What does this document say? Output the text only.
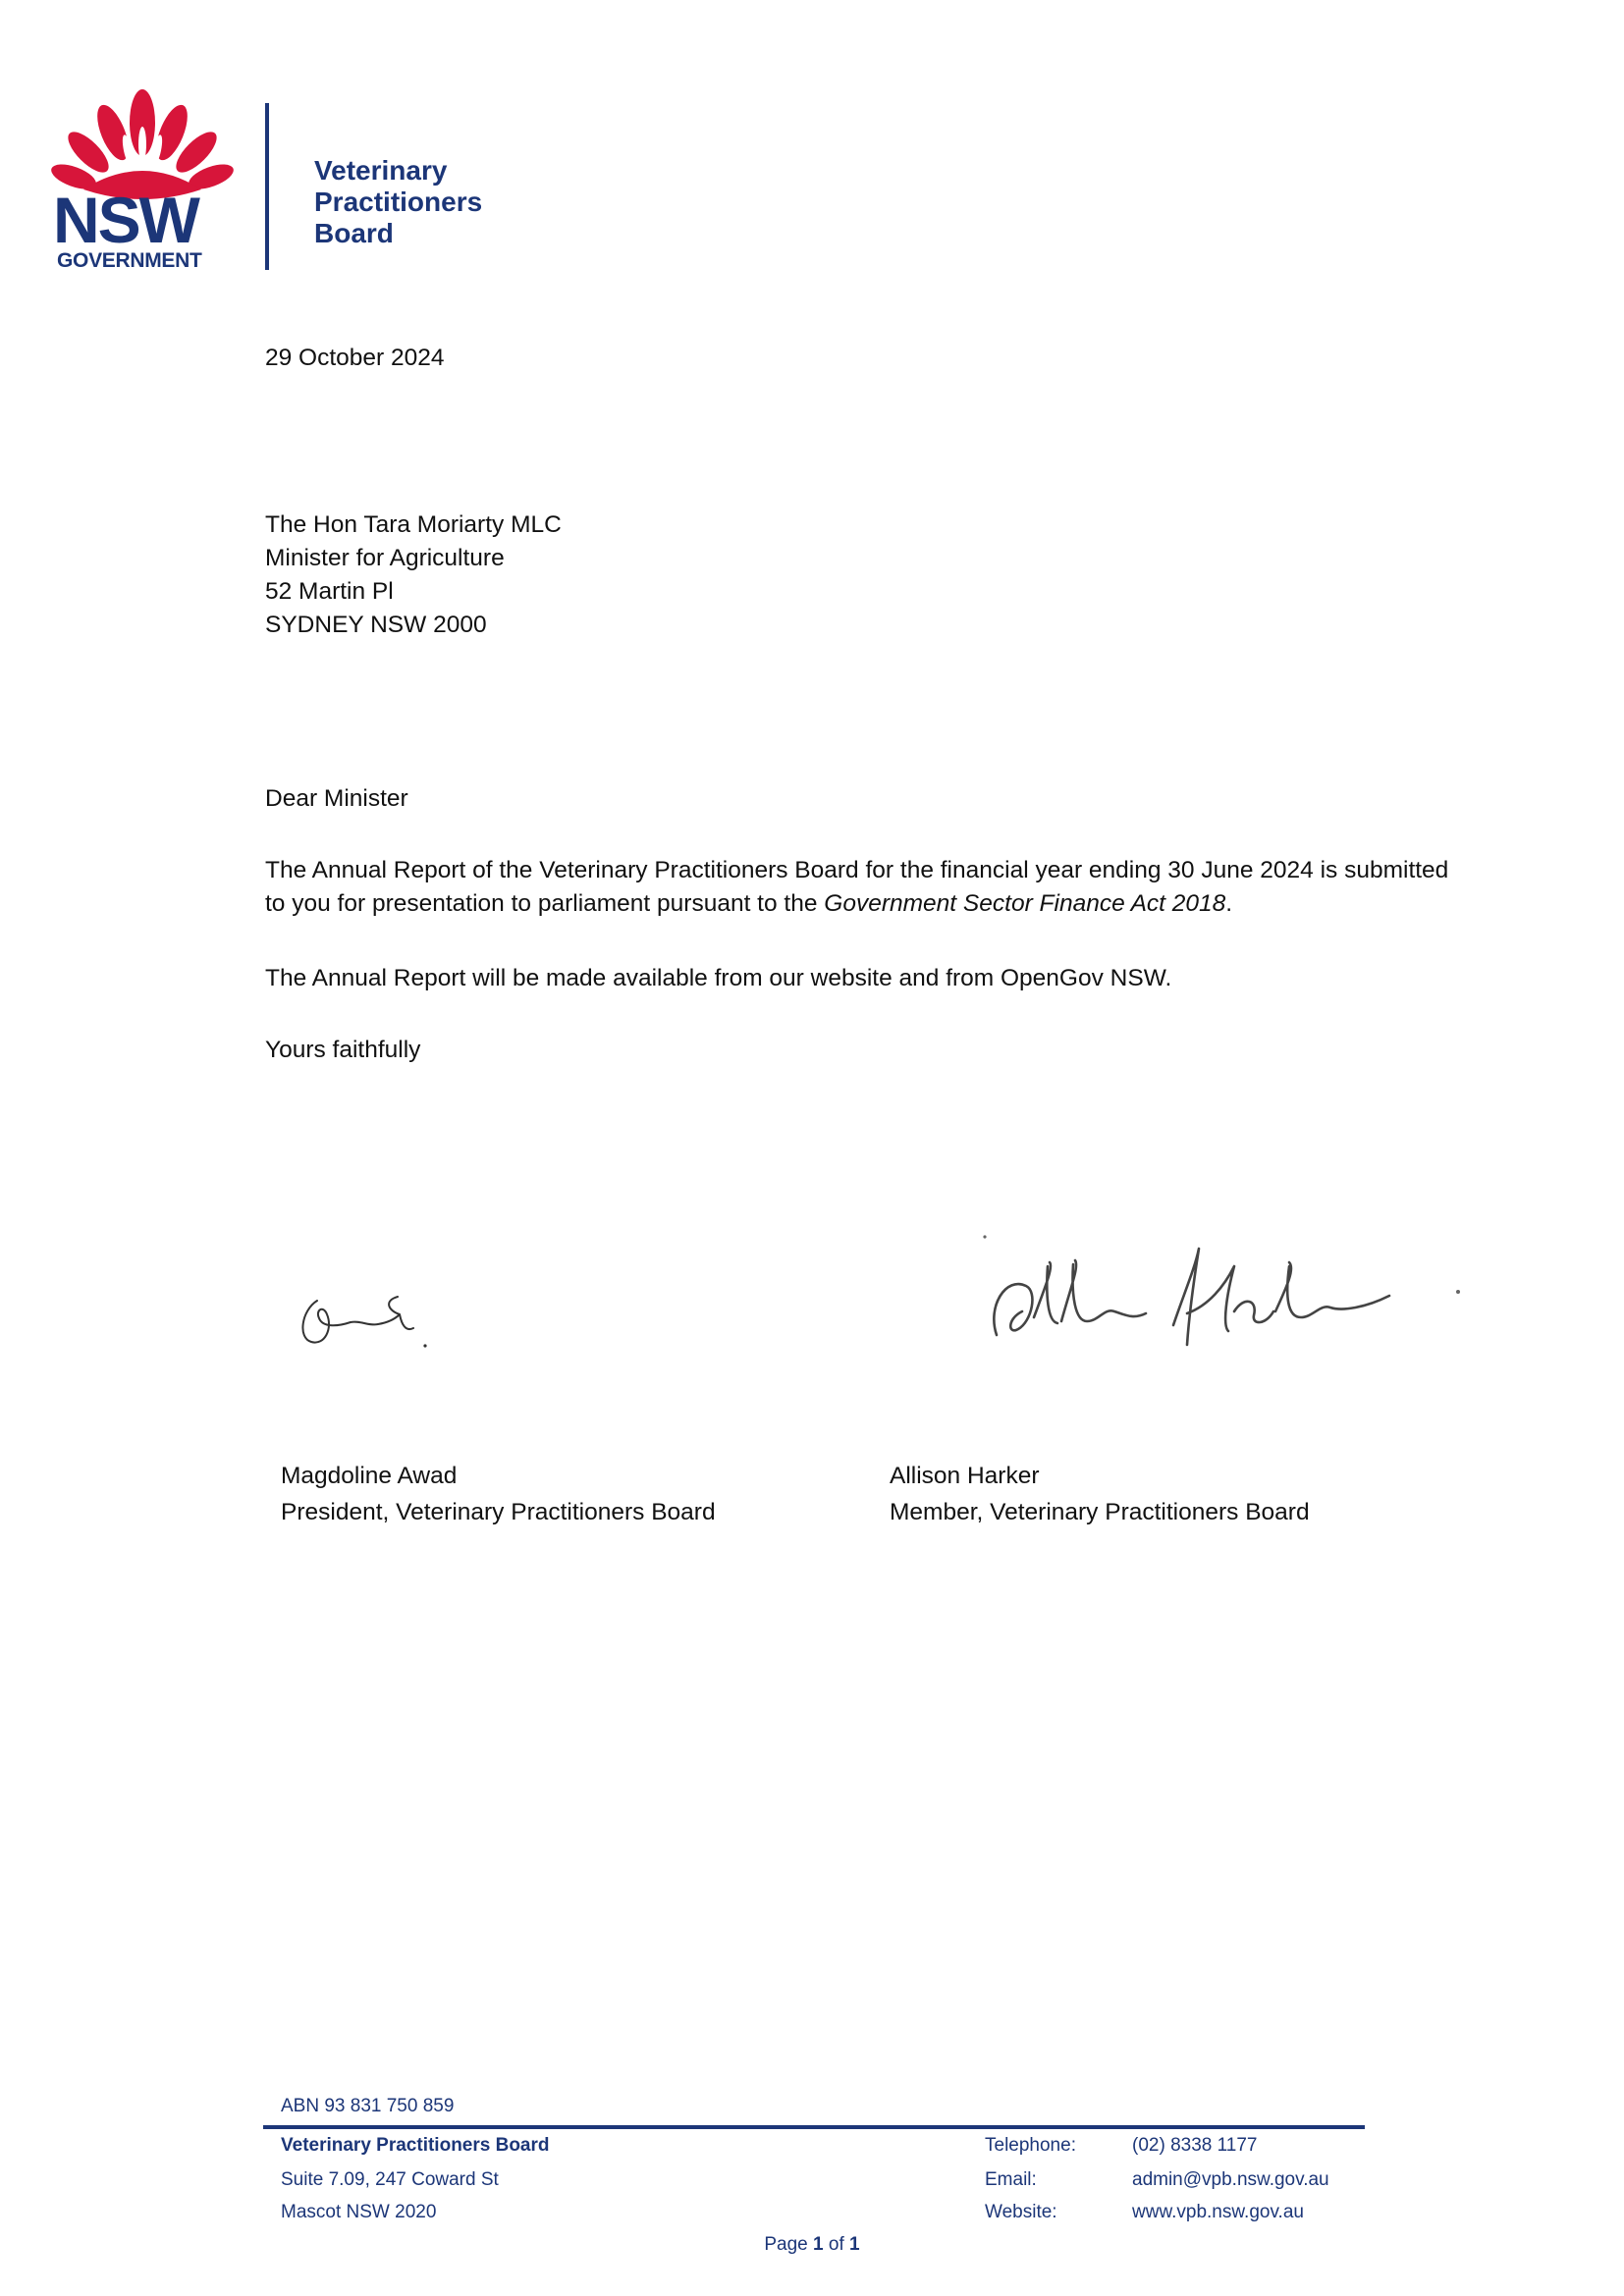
NSW
GOVERNMENT
Veterinary
Practitioners
Board
29 October 2024
The Hon Tara Moriarty MLC
Minister for Agriculture
52 Martin Pl
SYDNEY NSW 2000
Dear Minister
The Annual Report of the Veterinary Practitioners Board for the financial year ending 30 June 2024 is submitted to you for presentation to parliament pursuant to the Government Sector Finance Act 2018.
The Annual Report will be made available from our website and from OpenGov NSW.
Yours faithfully
Magdoline Awad
President, Veterinary Practitioners Board
Allison Harker
Member, Veterinary Practitioners Board
ABN 93 831 750 859
Veterinary Practitioners Board
Suite 7.09, 247 Coward St
Mascot NSW 2020
Telephone:
Email:
Website:
(02) 8338 1177
admin@vpb.nsw.gov.au
www.vpb.nsw.gov.au
Page 1 of 1
